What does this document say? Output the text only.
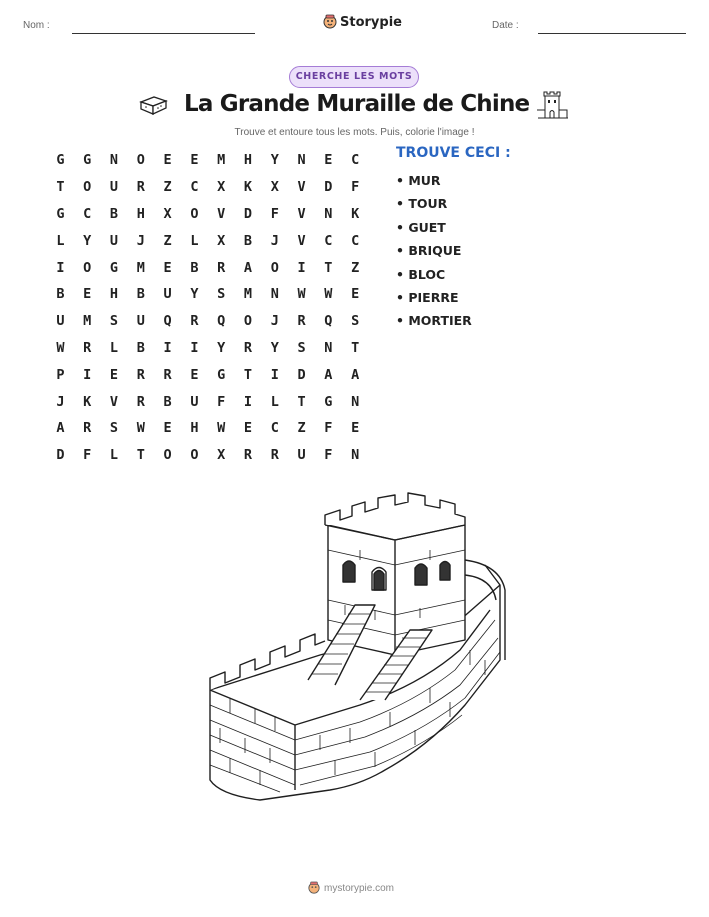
Nom :	Storypie	Date :
CHERCHE LES MOTS
La Grande Muraille de Chine
Trouve et entoure tous les mots. Puis, colorie l'image !
G	G	N	O	E	E	M	H	Y	N	E	C
T	O	U	R	Z	C	X	K	X	V	D	F
G	C	B	H	X	O	V	D	F	V	N	K
L	Y	U	J	Z	L	X	B	J	V	C	C
I	O	G	M	E	B	R	A	O	I	T	Z
B	E	H	B	U	Y	S	M	N	W	W	E
U	M	S	U	Q	R	Q	O	J	R	Q	S
W	R	L	B	I	I	Y	R	Y	S	N	T
P	I	E	R	R	E	G	T	I	D	A	A
J	K	V	R	B	U	F	I	L	T	G	N
A	R	S	W	E	H	W	E	C	Z	F	E
D	F	L	T	O	O	X	R	R	U	F	N
TROUVE CECI :
• MUR
• TOUR
• GUET
• BRIQUE
• BLOC
• PIERRE
• MORTIER
mystorypie.com
